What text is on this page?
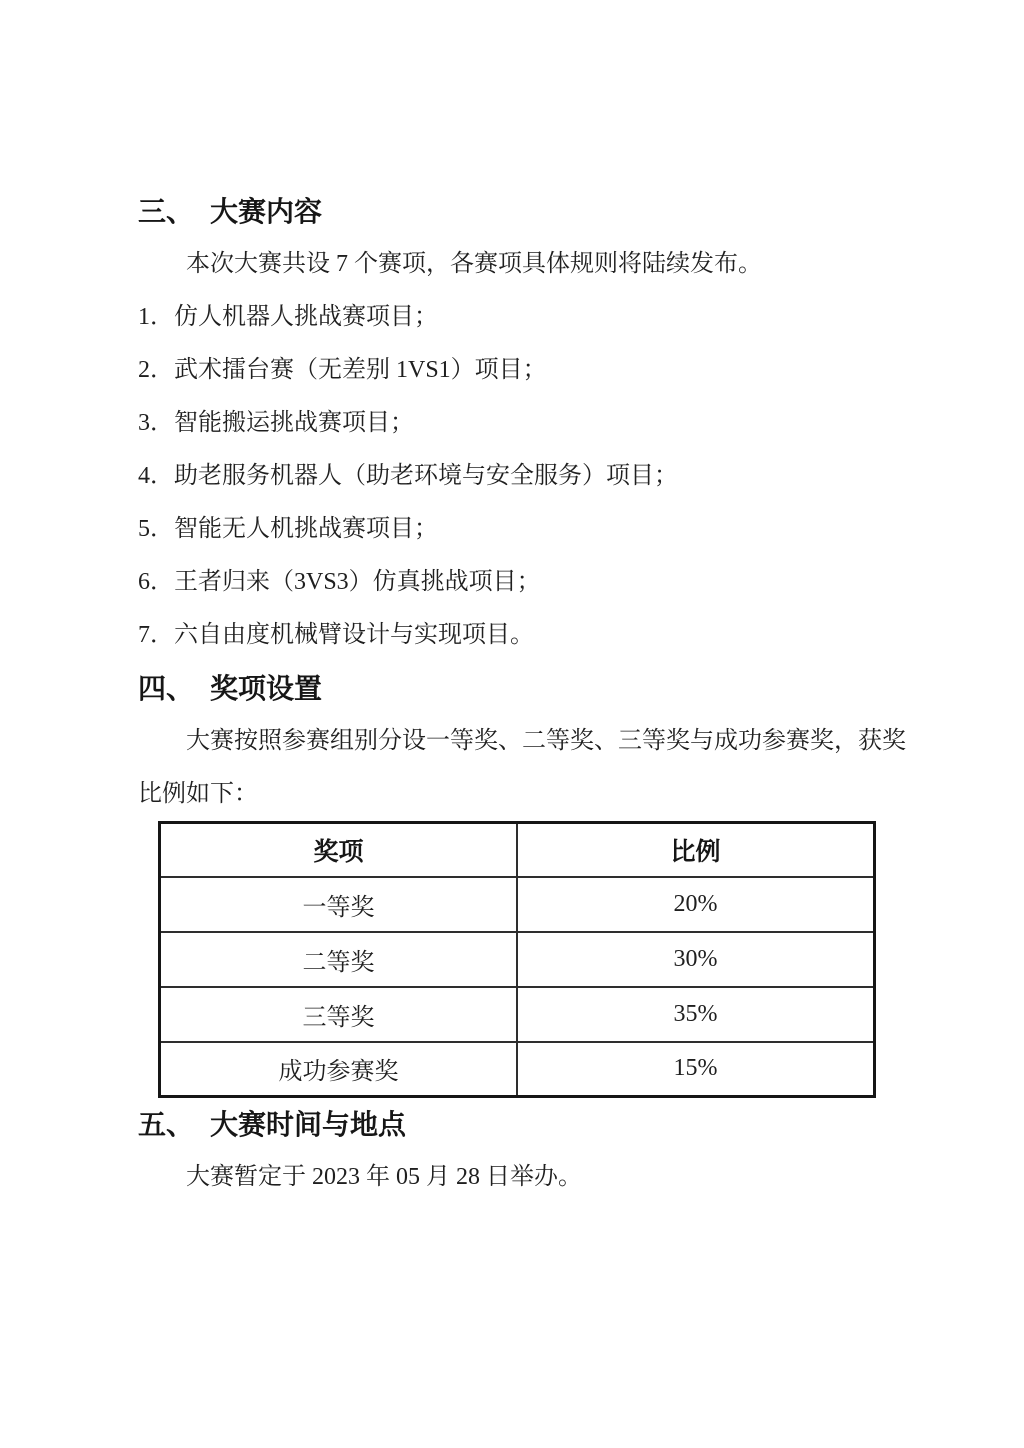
三、 大赛内容

本次大赛共设 7 个赛项，各赛项具体规则将陆续发布。

1．仿人机器人挑战赛项目；

2．武术擂台赛（无差别 1VS1）项目；

3．智能搬运挑战赛项目；

4．助老服务机器人（助老环境与安全服务）项目；

5．智能无人机挑战赛项目；

6．王者归来（3VS3）仿真挑战项目；

7．六自由度机械臂设计与实现项目。

四、 奖项设置

大赛按照参赛组别分设一等奖、二等奖、三等奖与成功参赛奖，获奖比例如下：

奖项	比例
一等奖	20%
二等奖	30%
三等奖	35%
成功参赛奖	15%
五、 大赛时间与地点

大赛暂定于 2023 年 05 月 28 日举办。
